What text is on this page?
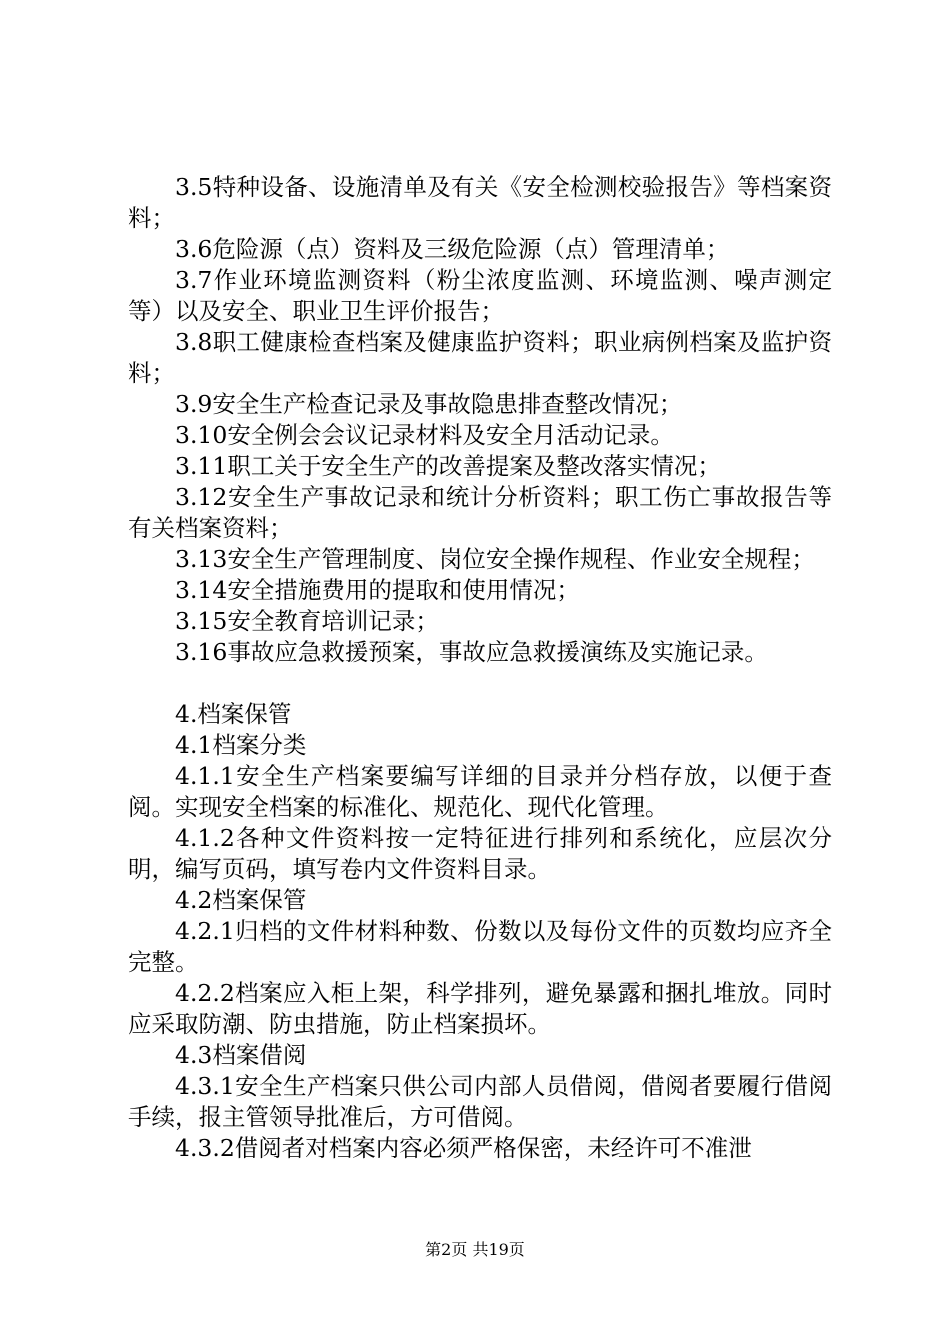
3.5特种设备、设施清单及有关《安全检测校验报告》等档案资料；

3.6危险源（点）资料及三级危险源（点）管理清单；

3.7作业环境监测资料（粉尘浓度监测、环境监测、噪声测定等）以及安全、职业卫生评价报告；

3.8职工健康检查档案及健康监护资料；职业病例档案及监护资料；

3.9安全生产检查记录及事故隐患排查整改情况；

3.10安全例会会议记录材料及安全月活动记录。

3.11职工关于安全生产的改善提案及整改落实情况；

3.12安全生产事故记录和统计分析资料；职工伤亡事故报告等有关档案资料；

3.13安全生产管理制度、岗位安全操作规程、作业安全规程；

3.14安全措施费用的提取和使用情况；

3.15安全教育培训记录；

3.16事故应急救援预案，事故应急救援演练及实施记录。

4.档案保管

4.1档案分类

4.1.1安全生产档案要编写详细的目录并分档存放，以便于查阅。实现安全档案的标准化、规范化、现代化管理。

4.1.2各种文件资料按一定特征进行排列和系统化，应层次分明，编写页码，填写卷内文件资料目录。

4.2档案保管

4.2.1归档的文件材料种数、份数以及每份文件的页数均应齐全完整。

4.2.2档案应入柜上架，科学排列，避免暴露和捆扎堆放。同时应采取防潮、防虫措施，防止档案损坏。

4.3档案借阅

4.3.1安全生产档案只供公司内部人员借阅，借阅者要履行借阅手续，报主管领导批准后，方可借阅。

4.3.2借阅者对档案内容必须严格保密，未经许可不准泄

第2页 共19页
